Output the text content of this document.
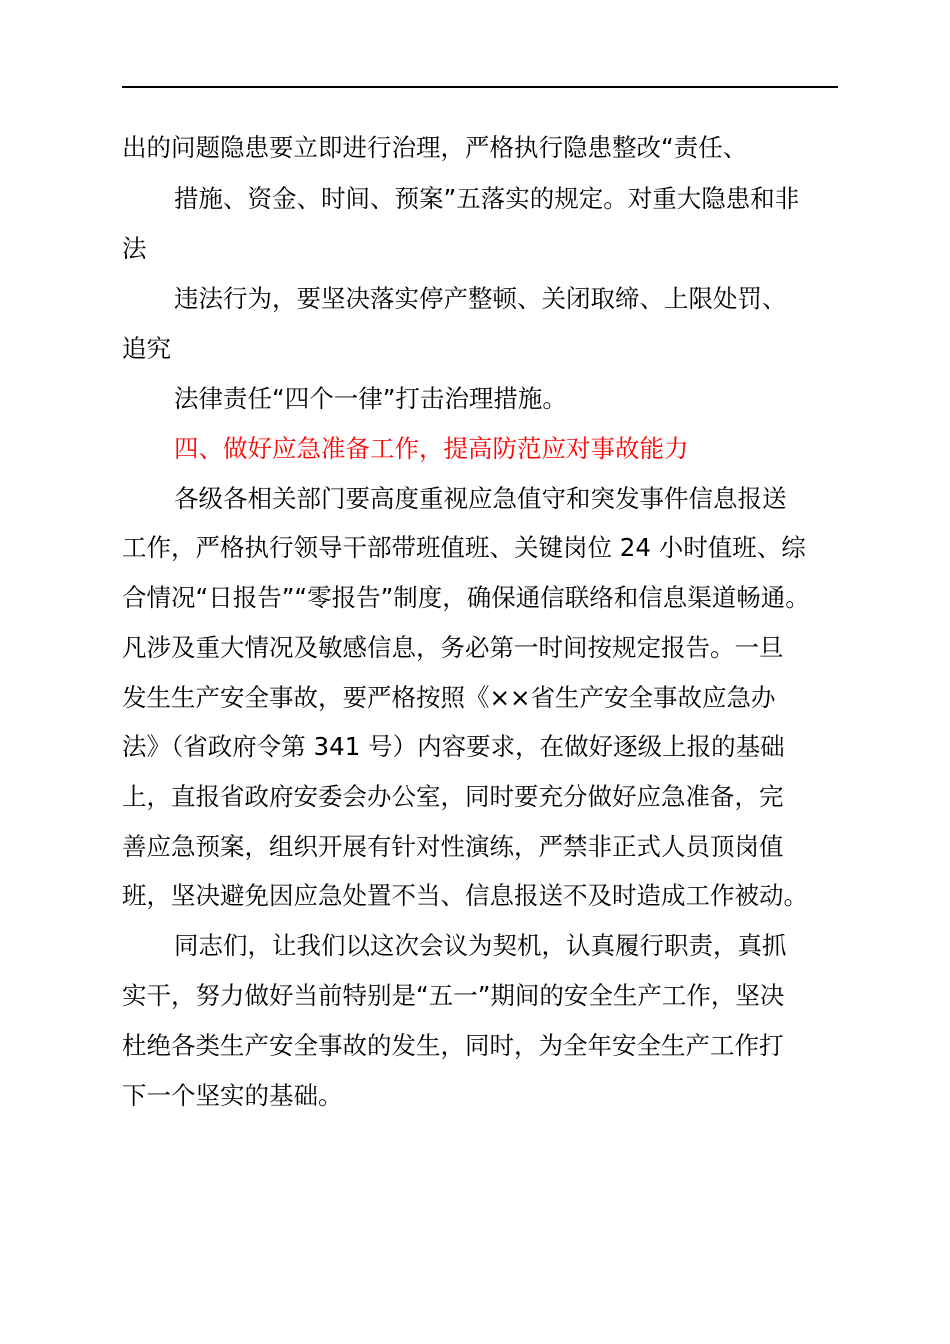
出的问题隐患要立即进行治理，严格执行隐患整改“责任、
措施、资金、时间、预案”五落实的规定。对重大隐患和非
法
违法行为，要坚决落实停产整顿、关闭取缔、上限处罚、
追究
法律责任“四个一律”打击治理措施。
四、做好应急准备工作，提高防范应对事故能力
各级各相关部门要高度重视应急值守和突发事件信息报送
工作，严格执行领导干部带班值班、关键岗位 24 小时值班、综
合情况“日报告”“零报告”制度，确保通信联络和信息渠道畅通。
凡涉及重大情况及敏感信息，务必第一时间按规定报告。一旦
发生生产安全事故，要严格按照《××省生产安全事故应急办
法》（省政府令第 341 号）内容要求，在做好逐级上报的基础
上，直报省政府安委会办公室，同时要充分做好应急准备，完
善应急预案，组织开展有针对性演练，严禁非正式人员顶岗值
班，坚决避免因应急处置不当、信息报送不及时造成工作被动。
同志们，让我们以这次会议为契机，认真履行职责，真抓
实干，努力做好当前特别是“五一”期间的安全生产工作，坚决
杜绝各类生产安全事故的发生，同时，为全年安全生产工作打
下一个坚实的基础。
